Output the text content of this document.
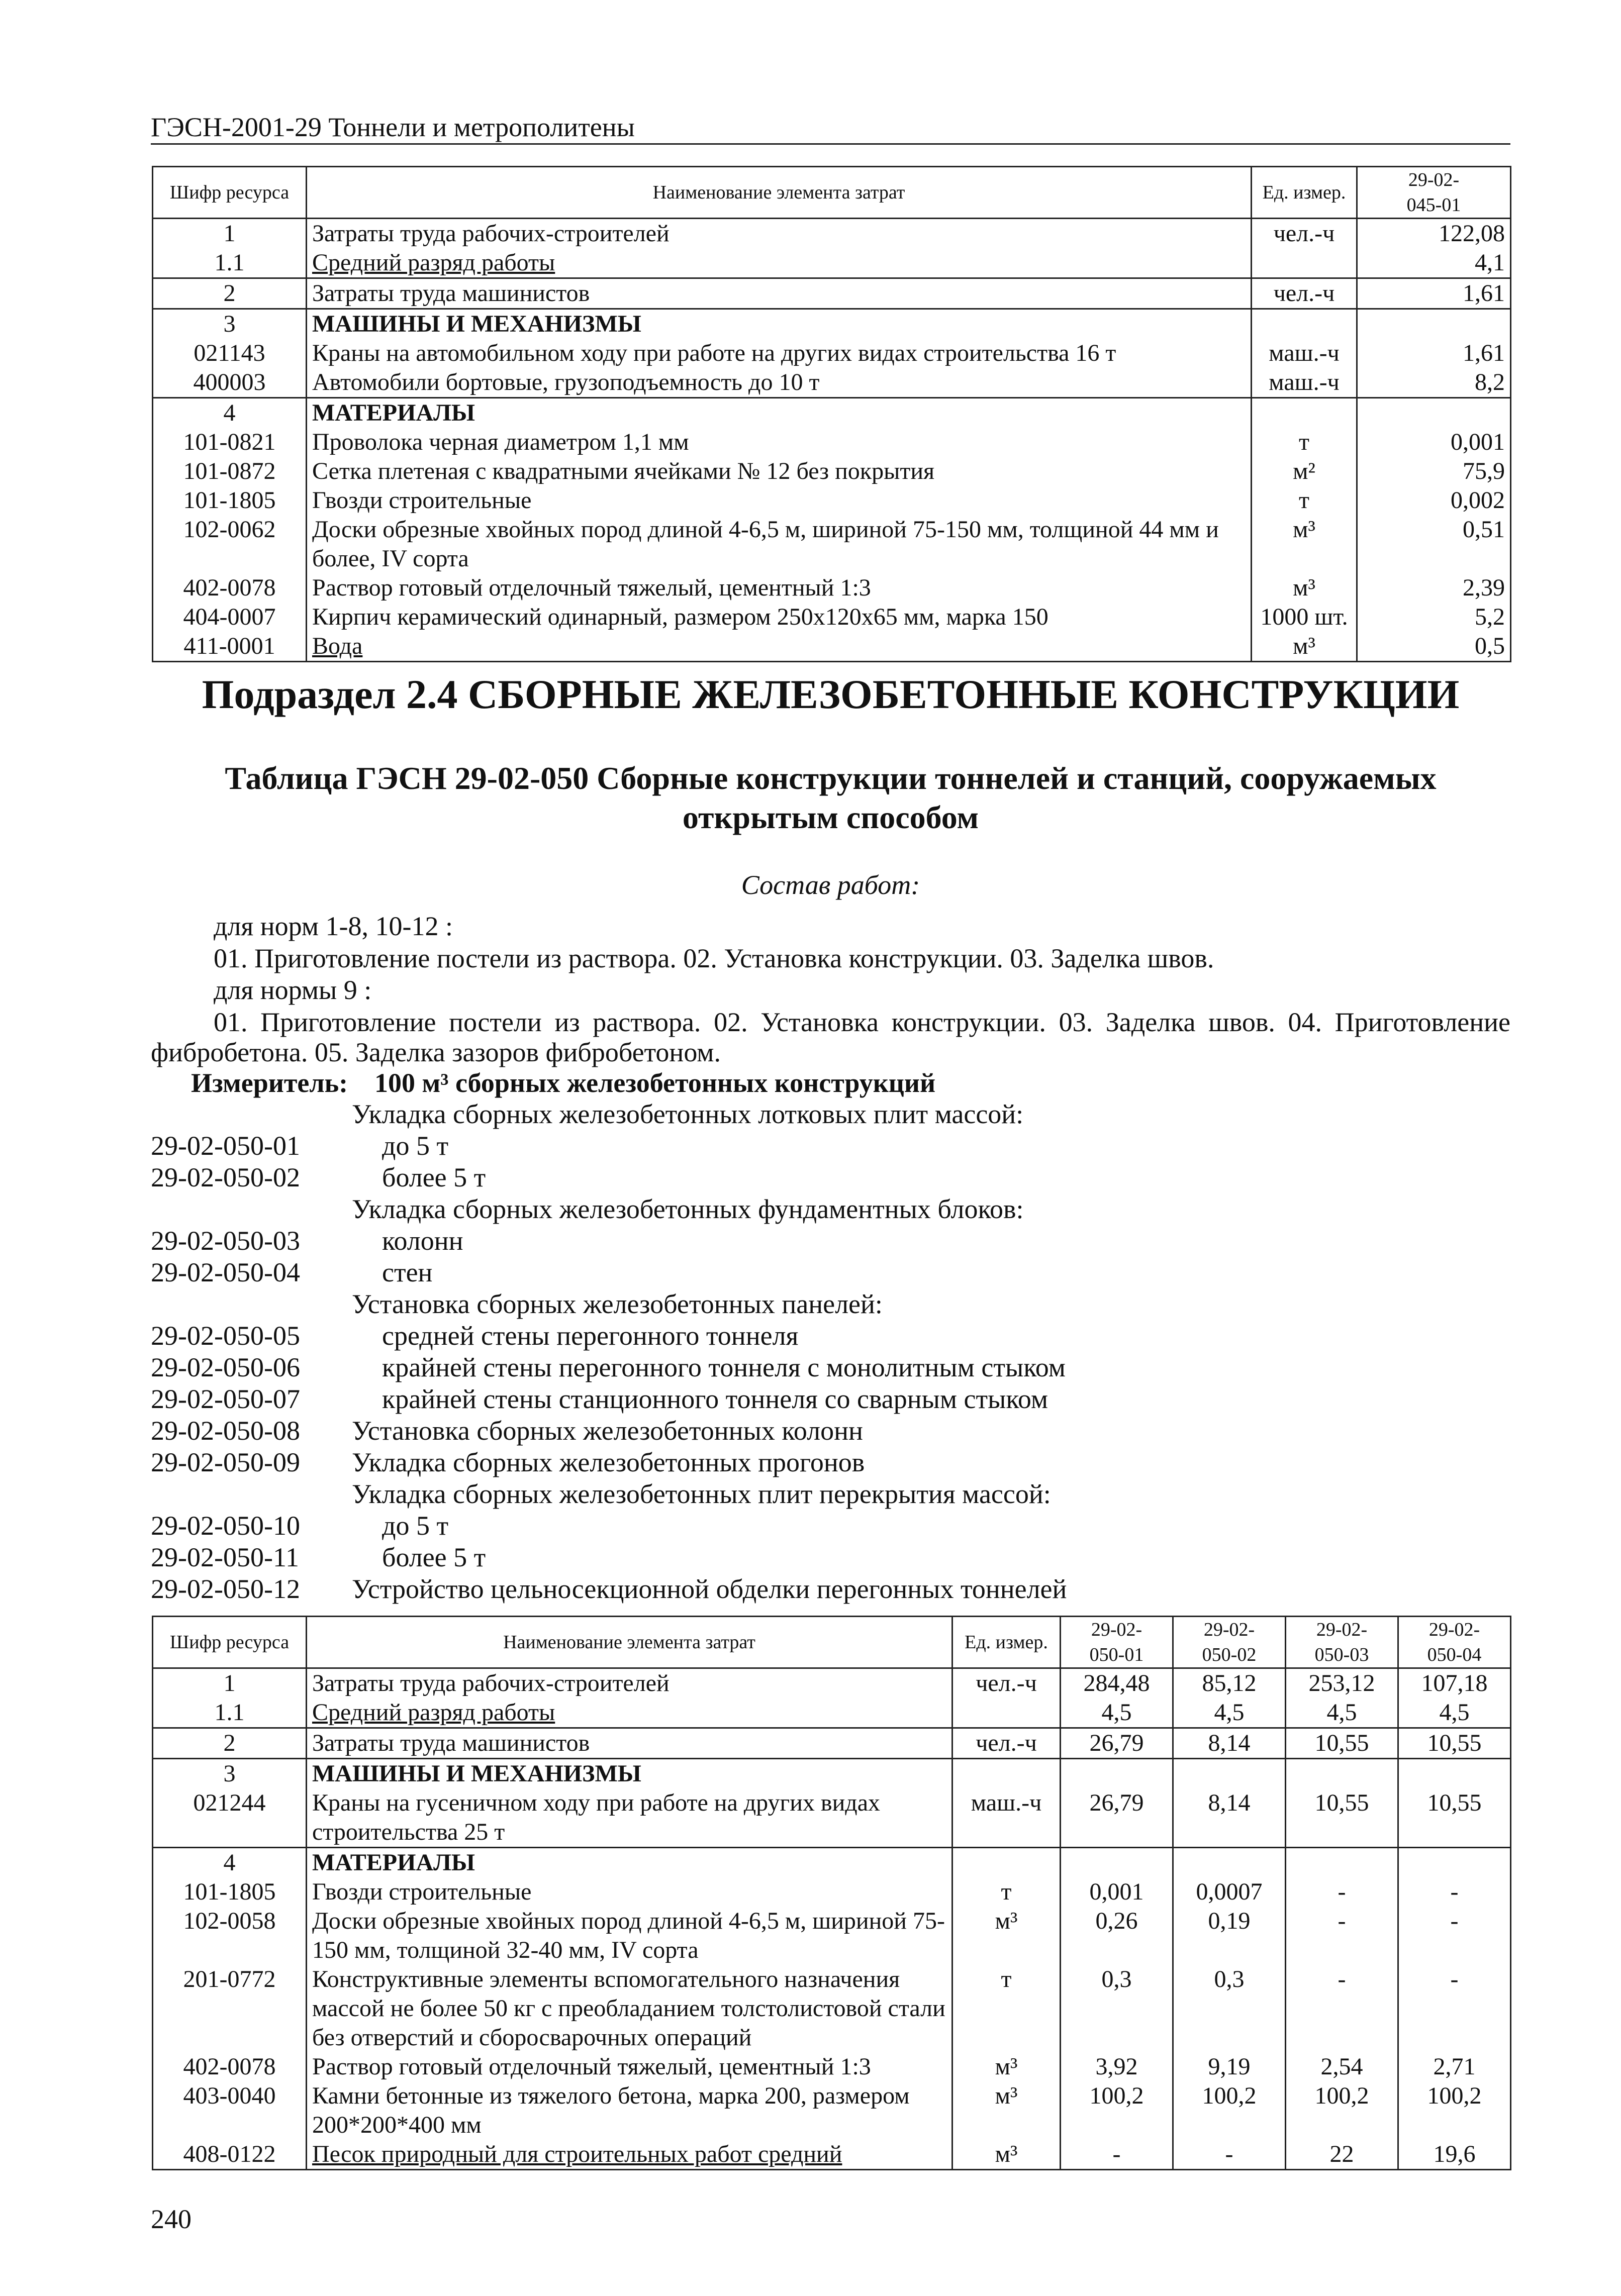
ГЭСН-2001-29 Тоннели и метрополитены
Шифр ресурса	Наименование элемента затрат	Ед. измер.	29-02-
045-01
1	Затраты труда рабочих-строителей	чел.-ч	122,08
1.1	Средний разряд работы		4,1
2	Затраты труда машинистов	чел.-ч	1,61
3	МАШИНЫ И МЕХАНИЗМЫ		
021143	Краны на автомобильном ходу при работе на других видах строительства 16 т	маш.-ч	1,61
400003	Автомобили бортовые, грузоподъемность до 10 т	маш.-ч	8,2
4	МАТЕРИАЛЫ		
101-0821	Проволока черная диаметром 1,1 мм	т	0,001
101-0872	Сетка плетеная с квадратными ячейками № 12 без покрытия	м²	75,9
101-1805	Гвозди строительные	т	0,002
102-0062	Доски обрезные хвойных пород длиной 4-6,5 м, шириной 75-150 мм, толщиной 44 мм и более, IV сорта	м³	0,51
402-0078	Раствор готовый отделочный тяжелый, цементный 1:3	м³	2,39
404-0007	Кирпич керамический одинарный, размером 250х120х65 мм, марка 150	1000 шт.	5,2
411-0001	Вода	м³	0,5
Подраздел 2.4 СБОРНЫЕ ЖЕЛЕЗОБЕТОННЫЕ КОНСТРУКЦИИ
Таблица ГЭСН 29-02-050 Сборные конструкции тоннелей и станций, сооружаемых открытым способом
Состав работ:
для норм 1-8, 10-12 :
01. Приготовление постели из раствора. 02. Установка конструкции. 03. Заделка швов.
для нормы 9 :
01. Приготовление постели из раствора. 02. Установка конструкции. 03. Заделка швов. 04. Приготовление фибробетона. 05. Заделка зазоров фибробетоном.
Измеритель: 100 м³ сборных железобетонных конструкций
Укладка сборных железобетонных лотковых плит массой:
29-02-050-01	до 5 т
29-02-050-02	более 5 т
Укладка сборных железобетонных фундаментных блоков:
29-02-050-03	колонн
29-02-050-04	стен
Установка сборных железобетонных панелей:
29-02-050-05	средней стены перегонного тоннеля
29-02-050-06	крайней стены перегонного тоннеля с монолитным стыком
29-02-050-07	крайней стены станционного тоннеля со сварным стыком
29-02-050-08 Установка сборных железобетонных колонн
29-02-050-09 Укладка сборных железобетонных прогонов
Укладка сборных железобетонных плит перекрытия массой:
29-02-050-10	до 5 т
29-02-050-11	более 5 т
29-02-050-12 Устройство цельносекционной обделки перегонных тоннелей
Шифр ресурса	Наименование элемента затрат	Ед. измер.	29-02-
050-01	29-02-
050-02	29-02-
050-03	29-02-
050-04
1	Затраты труда рабочих-строителей	чел.-ч	284,48	85,12	253,12	107,18
1.1	Средний разряд работы		4,5	4,5	4,5	4,5
2	Затраты труда машинистов	чел.-ч	26,79	8,14	10,55	10,55
3	МАШИНЫ И МЕХАНИЗМЫ					
021244	Краны на гусеничном ходу при работе на других видах строительства 25 т	маш.-ч	26,79	8,14	10,55	10,55
4	МАТЕРИАЛЫ					
101-1805	Гвозди строительные	т	0,001	0,0007	-	-
102-0058	Доски обрезные хвойных пород длиной 4-6,5 м, шириной 75-150 мм, толщиной 32-40 мм, IV сорта	м³	0,26	0,19	-	-
201-0772	Конструктивные элементы вспомогательного назначения массой не более 50 кг с преобладанием толстолистовой стали без отверстий и сборосварочных операций	т	0,3	0,3	-	-
402-0078	Раствор готовый отделочный тяжелый, цементный 1:3	м³	3,92	9,19	2,54	2,71
403-0040	Камни бетонные из тяжелого бетона, марка 200, размером 200*200*400 мм	м³	100,2	100,2	100,2	100,2
408-0122	Песок природный для строительных работ средний	м³	-	-	22	19,6
240
